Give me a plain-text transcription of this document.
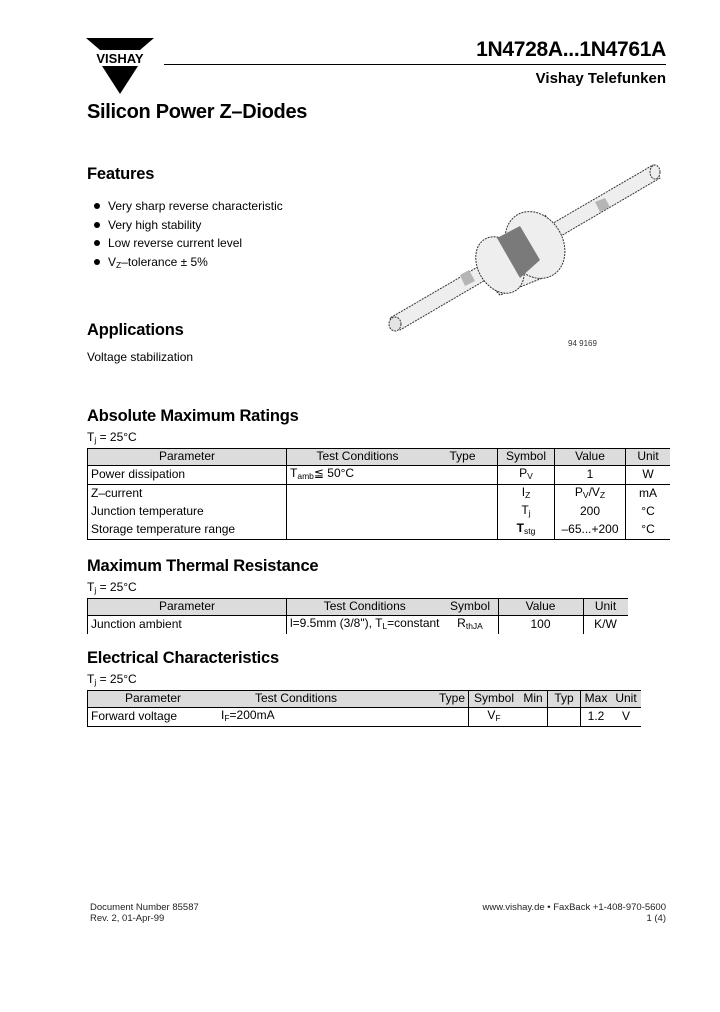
VISHAY	1N4728A...1N4761A
Vishay Telefunken
Silicon Power Z–Diodes
Features
Very sharp reverse characteristic
Very high stability
Low reverse current level
$V_Z$–tolerance ± 5%
94 9169
Applications
Voltage stabilization
Absolute Maximum Ratings
$T_j = 25^\circ C$
Parameter	Test Conditions	Type	Symbol	Value	Unit
Power dissipation	$T_{amb}≦$ 50°C		$P_V$	1	W
Z–current			$I_Z$	$P_V/V_Z$	mA
Junction temperature			$T_j$	200	°C
Storage temperature range			$T_{stg}$	–65...+200	°C
Maximum Thermal Resistance
$T_j = 25^\circ C$
Parameter	Test Conditions	Symbol	Value	Unit
Junction ambient	l=9.5mm (3/8"), $T_L=constant$	$R_{thJA}$	100	K/W
Electrical Characteristics
$T_j = 25^\circ C$
Parameter	Test Conditions	Type	Symbol	Min	Typ	Max	Unit
Forward voltage	$I_F=200mA$		$V_F$			1.2	V
Document Number 85587
Rev. 2, 01-Apr-99
www.vishay.de • FaxBack +1-408-970-5600
1 (4)
